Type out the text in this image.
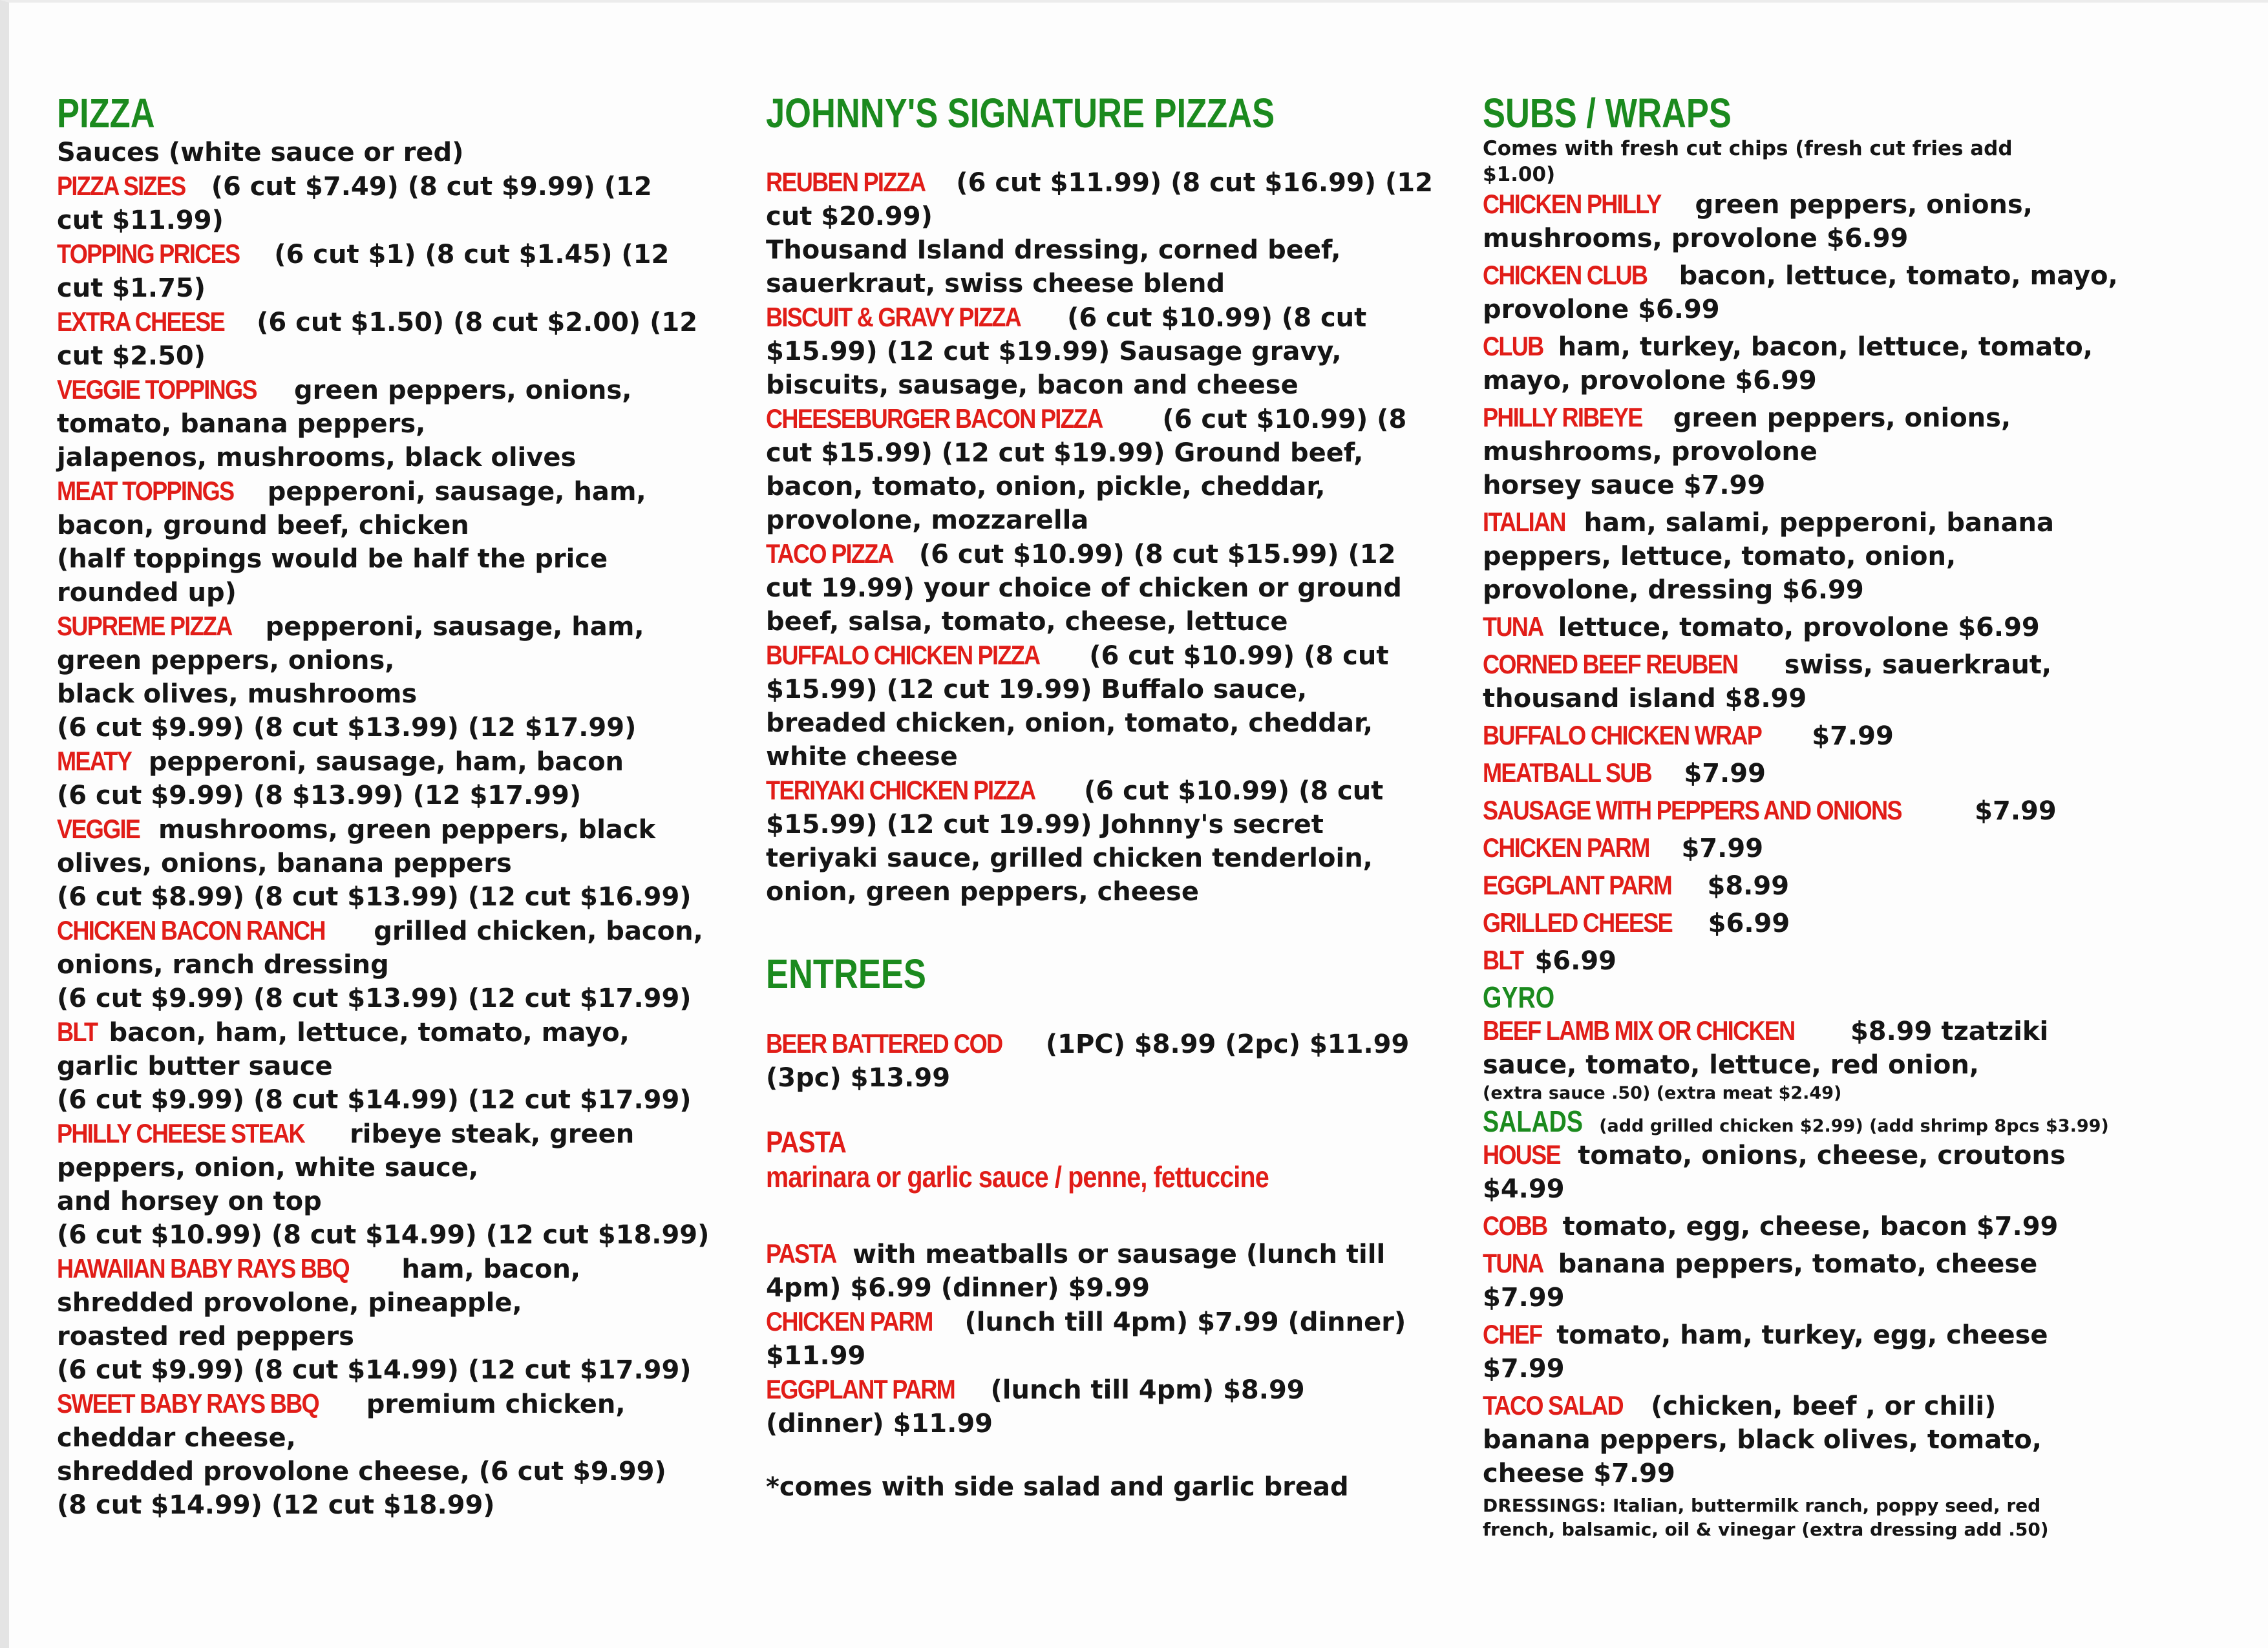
PIZZA
Sauces (white sauce or red)
PIZZA SIZES (6 cut $7.49) (8 cut $9.99) (12
cut $11.99)
TOPPING PRICES (6 cut $1) (8 cut $1.45) (12
cut $1.75)
EXTRA CHEESE (6 cut $1.50) (8 cut $2.00) (12
cut $2.50)
VEGGIE TOPPINGS green peppers, onions,
tomato, banana peppers,
jalapenos, mushrooms, black olives
MEAT TOPPINGS pepperoni, sausage, ham,
bacon, ground beef, chicken
(half toppings would be half the price
rounded up)
SUPREME PIZZA pepperoni, sausage, ham,
green peppers, onions,
black olives, mushrooms
(6 cut $9.99) (8 cut $13.99) (12 $17.99)
MEATY pepperoni, sausage, ham, bacon
(6 cut $9.99) (8 $13.99) (12 $17.99)
VEGGIE mushrooms, green peppers, black
olives, onions, banana peppers
(6 cut $8.99) (8 cut $13.99) (12 cut $16.99)
CHICKEN BACON RANCH grilled chicken, bacon,
onions, ranch dressing
(6 cut $9.99) (8 cut $13.99) (12 cut $17.99)
BLT bacon, ham, lettuce, tomato, mayo,
garlic butter sauce
(6 cut $9.99) (8 cut $14.99) (12 cut $17.99)
PHILLY CHEESE STEAK ribeye steak, green
peppers, onion, white sauce,
and horsey on top
(6 cut $10.99) (8 cut $14.99) (12 cut $18.99)
HAWAIIAN BABY RAYS BBQ ham, bacon,
shredded provolone, pineapple,
roasted red peppers
(6 cut $9.99) (8 cut $14.99) (12 cut $17.99)
SWEET BABY RAYS BBQ premium chicken,
cheddar cheese,
shredded provolone cheese, (6 cut $9.99)
(8 cut $14.99) (12 cut $18.99)
JOHNNY'S SIGNATURE PIZZAS
REUBEN PIZZA (6 cut $11.99) (8 cut $16.99) (12
cut $20.99)
Thousand Island dressing, corned beef,
sauerkraut, swiss cheese blend
BISCUIT & GRAVY PIZZA (6 cut $10.99) (8 cut
$15.99) (12 cut $19.99) Sausage gravy,
biscuits, sausage, bacon and cheese
CHEESEBURGER BACON PIZZA (6 cut $10.99) (8
cut $15.99) (12 cut $19.99) Ground beef,
bacon, tomato, onion, pickle, cheddar,
provolone, mozzarella
TACO PIZZA (6 cut $10.99) (8 cut $15.99) (12
cut 19.99) your choice of chicken or ground
beef, salsa, tomato, cheese, lettuce
BUFFALO CHICKEN PIZZA (6 cut $10.99) (8 cut
$15.99) (12 cut 19.99) Buffalo sauce,
breaded chicken, onion, tomato, cheddar,
white cheese
TERIYAKI CHICKEN PIZZA (6 cut $10.99) (8 cut
$15.99) (12 cut 19.99) Johnny's secret
teriyaki sauce, grilled chicken tenderloin,
onion, green peppers, cheese
ENTREES
BEER BATTERED COD (1PC) $8.99 (2pc) $11.99
(3pc) $13.99
PASTA
marinara or garlic sauce / penne, fettuccine
PASTA with meatballs or sausage (lunch till
4pm) $6.99 (dinner) $9.99
CHICKEN PARM (lunch till 4pm) $7.99 (dinner)
$11.99
EGGPLANT PARM (lunch till 4pm) $8.99
(dinner) $11.99
*comes with side salad and garlic bread
SUBS / WRAPS
Comes with fresh cut chips (fresh cut fries add
$1.00)
CHICKEN PHILLY green peppers, onions,
mushrooms, provolone $6.99
CHICKEN CLUB bacon, lettuce, tomato, mayo,
provolone $6.99
CLUB ham, turkey, bacon, lettuce, tomato,
mayo, provolone $6.99
PHILLY RIBEYE green peppers, onions,
mushrooms, provolone
horsey sauce $7.99
ITALIAN ham, salami, pepperoni, banana
peppers, lettuce, tomato, onion,
provolone, dressing $6.99
TUNA lettuce, tomato, provolone $6.99
CORNED BEEF REUBEN swiss, sauerkraut,
thousand island $8.99
BUFFALO CHICKEN WRAP $7.99
MEATBALL SUB $7.99
SAUSAGE WITH PEPPERS AND ONIONS	$7.99
CHICKEN PARM $7.99
EGGPLANT PARM $8.99
GRILLED CHEESE $6.99
BLT $6.99
GYRO
BEEF LAMB MIX OR CHICKEN $8.99 tzatziki
sauce, tomato, lettuce, red onion,
(extra sauce .50) (extra meat $2.49)
SALADS (add grilled chicken $2.99) (add shrimp 8pcs $3.99)
HOUSE tomato, onions, cheese, croutons
$4.99
COBB tomato, egg, cheese, bacon $7.99
TUNA banana peppers, tomato, cheese
$7.99
CHEF tomato, ham, turkey, egg, cheese
$7.99
TACO SALAD (chicken, beef , or chili)
banana peppers, black olives, tomato,
cheese $7.99
DRESSINGS: Italian, buttermilk ranch, poppy seed, red
french, balsamic, oil & vinegar (extra dressing add .50)
